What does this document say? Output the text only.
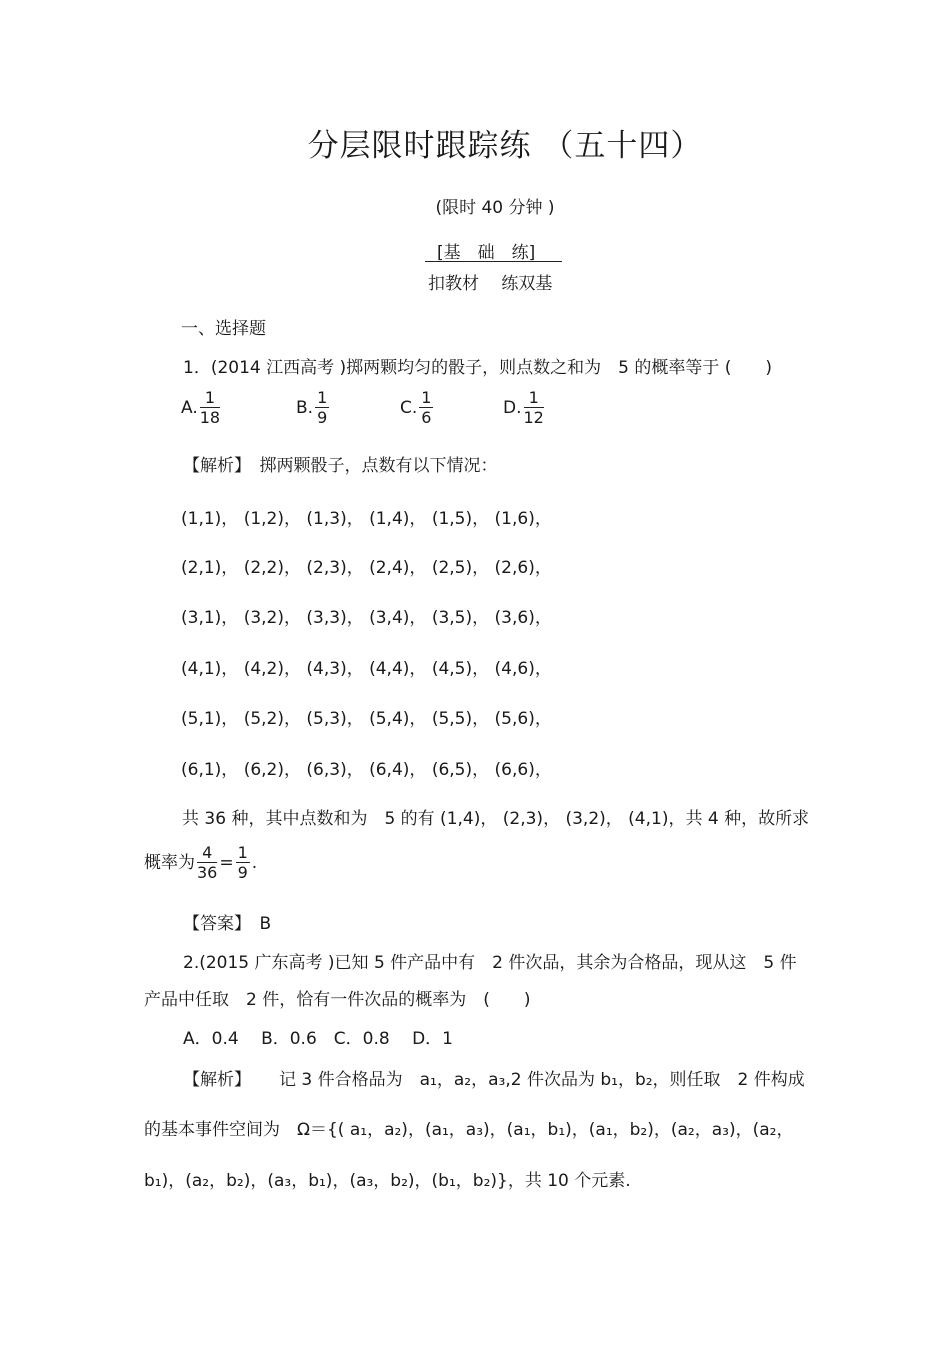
分层限时跟踪练 （五十四）
(限时 40 分钟 )
[基　础　练]
扣教材　 练双基
一、选择题
1．(2014 江西高考 )掷两颗均匀的骰子，则点数之和为　5 的概率等于 (　　)
A. $\frac{1}{18}$	B. $\frac{1}{9}$	C. $\frac{1}{6}$	D. $\frac{1}{12}$
【解析】　掷两颗骰子，点数有以下情况：
(1,1)， (1,2)， (1,3)， (1,4)， (1,5)， (1,6)，
(2,1)， (2,2)， (2,3)， (2,4)， (2,5)， (2,6)，
(3,1)， (3,2)， (3,3)， (3,4)， (3,5)， (3,6)，
(4,1)， (4,2)， (4,3)， (4,4)， (4,5)， (4,6)，
(5,1)， (5,2)， (5,3)， (5,4)， (5,5)， (5,6)，
(6,1)， (6,2)， (6,3)， (6,4)， (6,5)， (6,6)，
共 36 种，其中点数和为　5 的有 (1,4)， (2,3)， (3,2)， (4,1)，共 4 种，故所求
概率为 $\frac{4}{36} = \frac{1}{9}$ .
【答案】　B
2.(2015 广东高考 )已知 5 件产品中有　2 件次品，其余为合格品，现从这　5 件
产品中任取　2 件，恰有一件次品的概率为　(　　)
A．0.4　 B．0.6　C．0.8　 D．1
【解析】 记 3 件合格品为　a₁，a₂，a₃,2 件次品为 b₁，b₂，则任取　2 件构成
的基本事件空间为　Ω＝{( a₁，a₂)，(a₁，a₃)，(a₁，b₁)，(a₁，b₂)，(a₂，a₃)，(a₂，
b₁)，(a₂，b₂)，(a₃，b₁)，(a₃，b₂)，(b₁，b₂)}，共 10 个元素.
